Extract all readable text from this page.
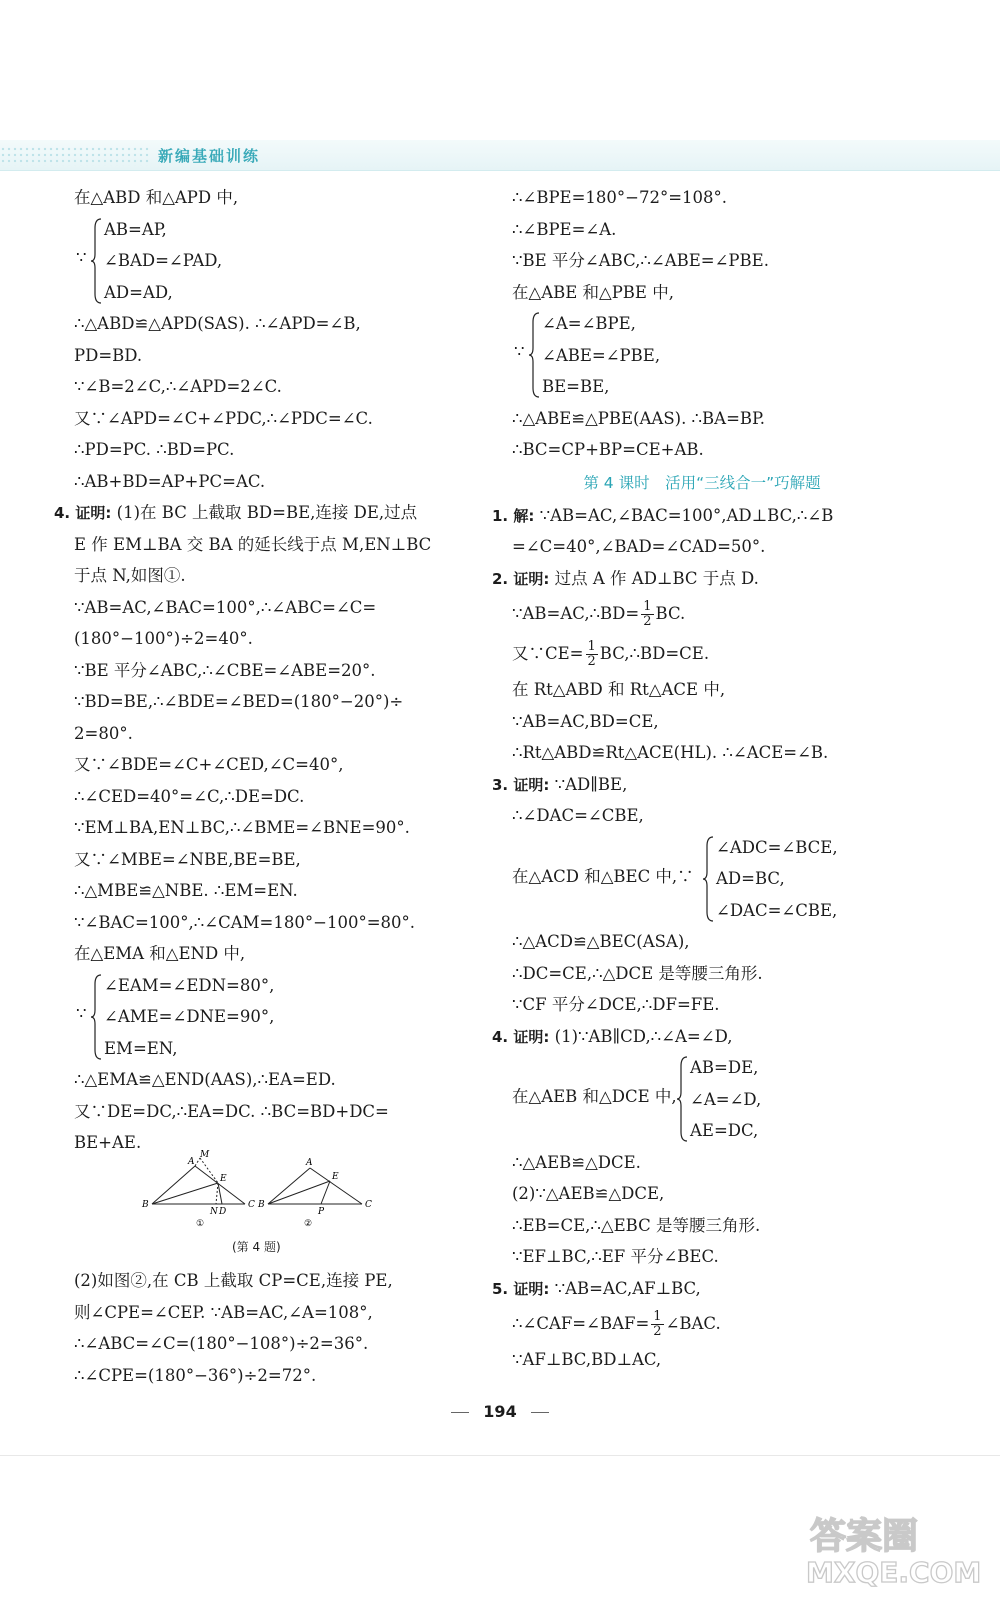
新编基础训练
在△ABD 和△APD 中,
∵
AB=AP,
∠BAD=∠PAD,
AD=AD,
∴△ABD≌△APD(SAS). ∴∠APD=∠B,
PD=BD.
∵∠B=2∠C,∴∠APD=2∠C.
又∵∠APD=∠C+∠PDC,∴∠PDC=∠C.
∴PD=PC. ∴BD=PC.
∴AB+BD=AP+PC=AC.
4. 证明: (1)在 BC 上截取 BD=BE,连接 DE,过点
E 作 EM⊥BA 交 BA 的延长线于点 M,EN⊥BC
于点 N,如图①.
∵AB=AC,∠BAC=100°,∴∠ABC=∠C=
(180°−100°)÷2=40°.
∵BE 平分∠ABC,∴∠CBE=∠ABE=20°.
∵BD=BE,∴∠BDE=∠BED=(180°−20°)÷
2=80°.
又∵∠BDE=∠C+∠CED,∠C=40°,
∴∠CED=40°=∠C,∴DE=DC.
∵EM⊥BA,EN⊥BC,∴∠BME=∠BNE=90°.
又∵∠MBE=∠NBE,BE=BE,
∴△MBE≌△NBE. ∴EM=EN.
∵∠BAC=100°,∴∠CAM=180°−100°=80°.
在△EMA 和△END 中,
∵
∠EAM=∠EDN=80°,
∠AME=∠DNE=90°,
EM=EN,
∴△EMA≌△END(AAS),∴EA=ED.
又∵DE=DC,∴EA=DC. ∴BC=BD+DC=
BE+AE.
A
M
E
B
N D
C
①
A
E
B
P
C
②
(第 4 题)
(2)如图②,在 CB 上截取 CP=CE,连接 PE,
则∠CPE=∠CEP. ∵AB=AC,∠A=108°,
∴∠ABC=∠C=(180°−108°)÷2=36°.
∴∠CPE=(180°−36°)÷2=72°.
∴∠BPE=180°−72°=108°.
∴∠BPE=∠A.
∵BE 平分∠ABC,∴∠ABE=∠PBE.
在△ABE 和△PBE 中,
∵
∠A=∠BPE,
∠ABE=∠PBE,
BE=BE,
∴△ABE≌△PBE(AAS). ∴BA=BP.
∴BC=CP+BP=CE+AB.
第 4 课时　活用“三线合一”巧解题
1. 解: ∵AB=AC,∠BAC=100°,AD⊥BC,∴∠B
=∠C=40°,∠BAD=∠CAD=50°.
2. 证明: 过点 A 作 AD⊥BC 于点 D.
∵AB=AC,∴BD= $\frac{1}{2}$ BC.
又∵CE= $\frac{1}{2}$ BC,∴BD=CE.
在 Rt△ABD 和 Rt△ACE 中,
∵AB=AC,BD=CE,
∴Rt△ABD≌Rt△ACE(HL). ∴∠ACE=∠B.
3. 证明: ∵AD∥BE,
∴∠DAC=∠CBE,
在△ACD 和△BEC 中,∵
∠ADC=∠BCE,
AD=BC,
∠DAC=∠CBE,
∴△ACD≌△BEC(ASA),
∴DC=CE,∴△DCE 是等腰三角形.
∵CF 平分∠DCE,∴DF=FE.
4. 证明: (1)∵AB∥CD,∴∠A=∠D,
在△AEB 和△DCE 中,
AB=DE,
∠A=∠D,
AE=DC,
∴△AEB≌△DCE.
(2)∵△AEB≌△DCE,
∴EB=CE,∴△EBC 是等腰三角形.
∵EF⊥BC,∴EF 平分∠BEC.
5. 证明: ∵AB=AC,AF⊥BC,
∴∠CAF=∠BAF= $\frac{1}{2}$ ∠BAC.
∵AF⊥BC,BD⊥AC,
194
答案圈
MXQE.COM
